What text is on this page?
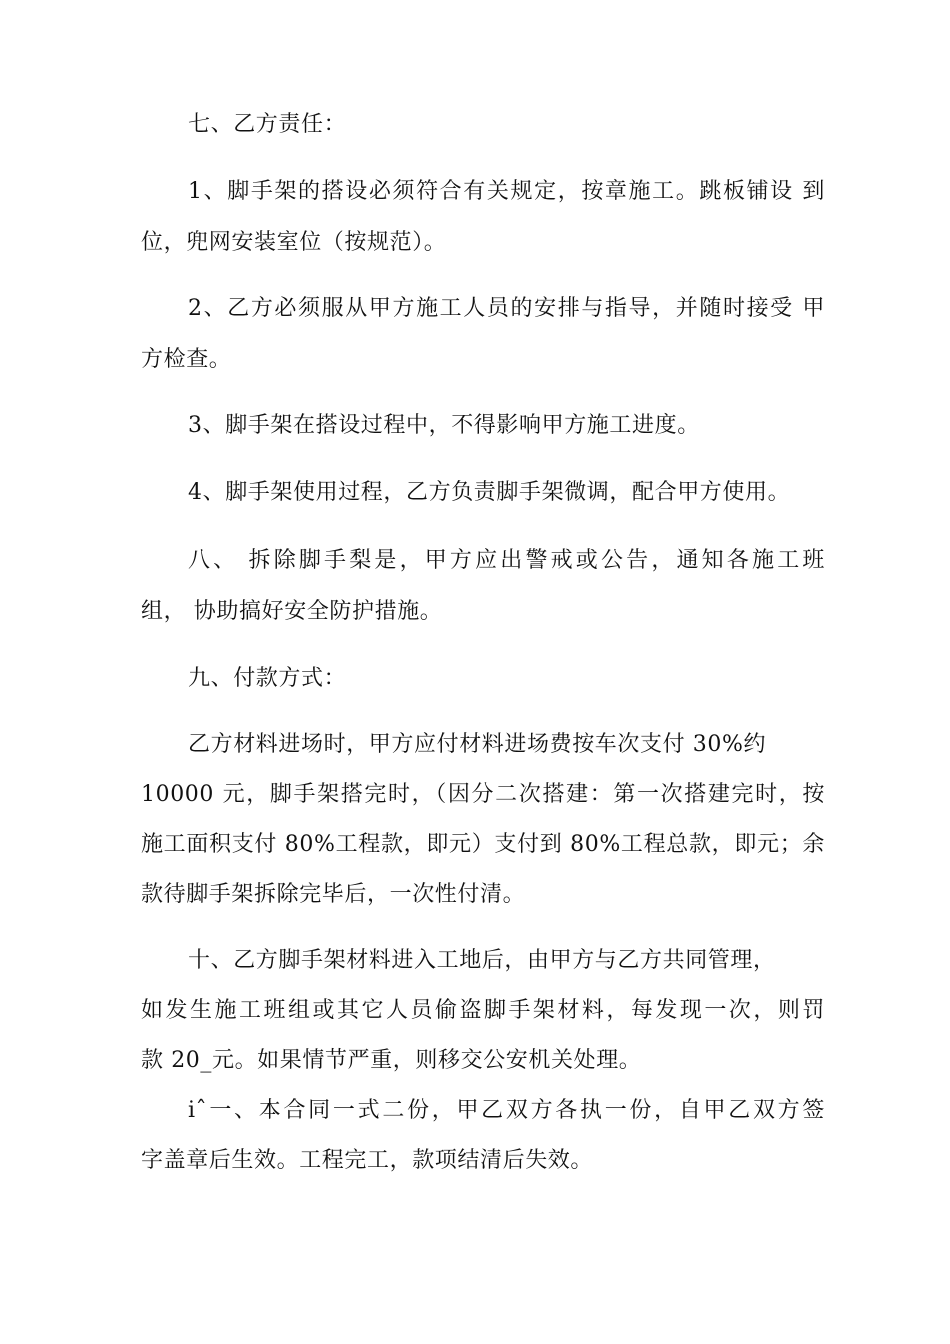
七、乙方责任：
1、脚手架的搭设必须符合有关规定，按章施工。跳板铺设 到
位，兜网安装室位（按规范）。
2、乙方必须服从甲方施工人员的安排与指导，并随时接受 甲
方检查。
3、脚手架在搭设过程中，不得影响甲方施工进度。
4、脚手架使用过程，乙方负责脚手架微调，配合甲方使用。
八、 拆除脚手梨是，甲方应出警戒或公告，通知各施工班
组， 协助搞好安全防护措施。
九、付款方式：
乙方材料进场时，甲方应付材料进场费按车次支付 30%约
10000 元，脚手架搭完时，（因分二次搭建：第一次搭建完时，按
施工面积支付 80%工程款，即元）支付到 80%工程总款，即元；余
款待脚手架拆除完毕后，一次性付清。
十、乙方脚手架材料进入工地后，由甲方与乙方共同管理，
如发生施工班组或其它人员偷盗脚手架材料，每发现一次，则罚
款 20_元。如果情节严重，则移交公安机关处理。
iˆ一、本合同一式二份，甲乙双方各执一份，自甲乙双方签
字盖章后生效。工程完工，款项结清后失效。
